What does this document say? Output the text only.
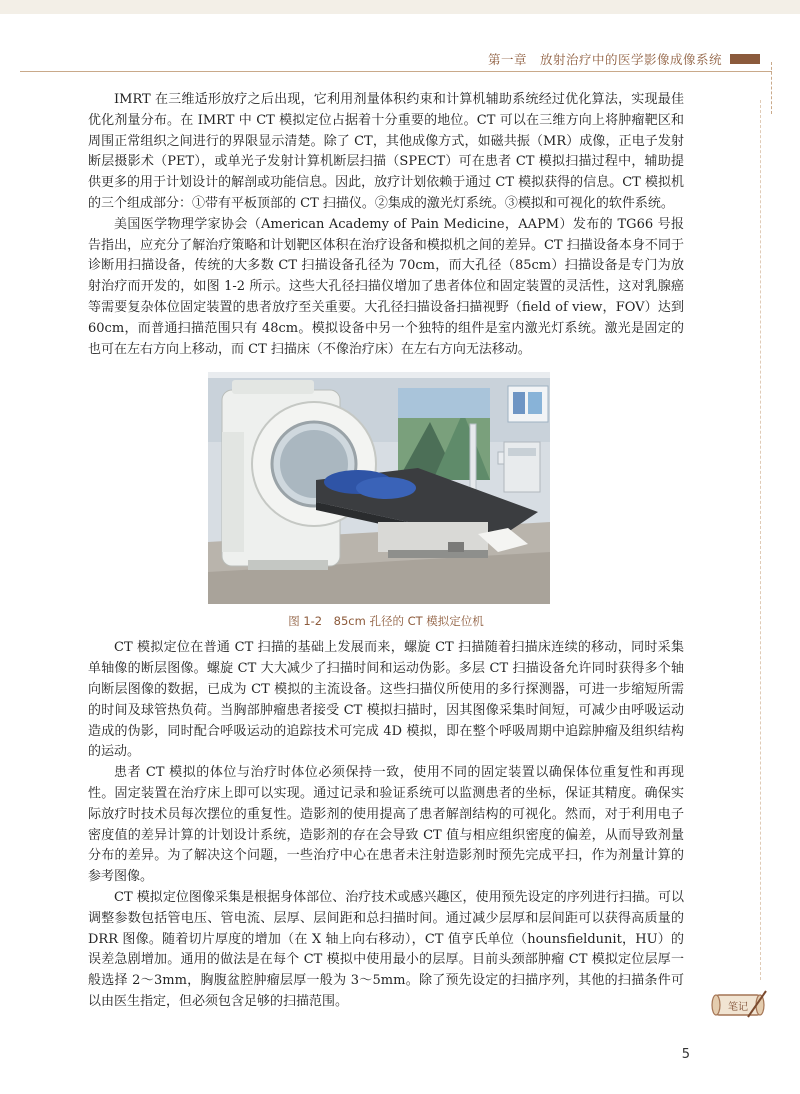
第一章　放射治疗中的医学影像成像系统

IMRT 在三维适形放疗之后出现，它利用剂量体积约束和计算机辅助系统经过优化算法，实现最佳优化剂量分布。在 IMRT 中 CT 模拟定位占据着十分重要的地位。CT 可以在三维方向上将肿瘤靶区和周围正常组织之间进行的界限显示清楚。除了 CT，其他成像方式，如磁共振（MR）成像，正电子发射断层摄影术（PET），或单光子发射计算机断层扫描（SPECT）可在患者 CT 模拟扫描过程中，辅助提供更多的用于计划设计的解剖或功能信息。因此，放疗计划依赖于通过 CT 模拟获得的信息。CT 模拟机的三个组成部分：①带有平板顶部的 CT 扫描仪。②集成的激光灯系统。③模拟和可视化的软件系统。

美国医学物理学家协会（American Academy of Pain Medicine，AAPM）发布的 TG66 号报告指出，应充分了解治疗策略和计划靶区体积在治疗设备和模拟机之间的差异。CT 扫描设备本身不同于诊断用扫描设备，传统的大多数 CT 扫描设备孔径为 70cm，而大孔径（85cm）扫描设备是专门为放射治疗而开发的，如图 1-2 所示。这些大孔径扫描仪增加了患者体位和固定装置的灵活性，这对乳腺癌等需要复杂体位固定装置的患者放疗至关重要。大孔径扫描设备扫描视野（field of view，FOV）达到 60cm，而普通扫描范围只有 48cm。模拟设备中另一个独特的组件是室内激光灯系统。激光是固定的也可在左右方向上移动，而 CT 扫描床（不像治疗床）在左右方向无法移动。

图 1-2　85cm 孔径的 CT 模拟定位机

CT 模拟定位在普通 CT 扫描的基础上发展而来，螺旋 CT 扫描随着扫描床连续的移动，同时采集单轴像的断层图像。螺旋 CT 大大减少了扫描时间和运动伪影。多层 CT 扫描设备允许同时获得多个轴向断层图像的数据，已成为 CT 模拟的主流设备。这些扫描仪所使用的多行探测器，可进一步缩短所需的时间及球管热负荷。当胸部肿瘤患者接受 CT 模拟扫描时，因其图像采集时间短，可减少由呼吸运动造成的伪影，同时配合呼吸运动的追踪技术可完成 4D 模拟，即在整个呼吸周期中追踪肿瘤及组织结构的运动。

患者 CT 模拟的体位与治疗时体位必须保持一致，使用不同的固定装置以确保体位重复性和再现性。固定装置在治疗床上即可以实现。通过记录和验证系统可以监测患者的坐标，保证其精度。确保实际放疗时技术员每次摆位的重复性。造影剂的使用提高了患者解剖结构的可视化。然而，对于利用电子密度值的差异计算的计划设计系统，造影剂的存在会导致 CT 值与相应组织密度的偏差，从而导致剂量分布的差异。为了解决这个问题，一些治疗中心在患者未注射造影剂时预先完成平扫，作为剂量计算的参考图像。

CT 模拟定位图像采集是根据身体部位、治疗技术或感兴趣区，使用预先设定的序列进行扫描。可以调整参数包括管电压、管电流、层厚、层间距和总扫描时间。通过减少层厚和层间距可以获得高质量的 DRR 图像。随着切片厚度的增加（在 X 轴上向右移动），CT 值亨氏单位（hounsfieldunit，HU）的误差急剧增加。通用的做法是在每个 CT 模拟中使用最小的层厚。目前头颈部肿瘤 CT 模拟定位层厚一般选择 2～3mm，胸腹盆腔肿瘤层厚一般为 3～5mm。除了预先设定的扫描序列，其他的扫描条件可以由医生指定，但必须包含足够的扫描范围。	笔记
5
